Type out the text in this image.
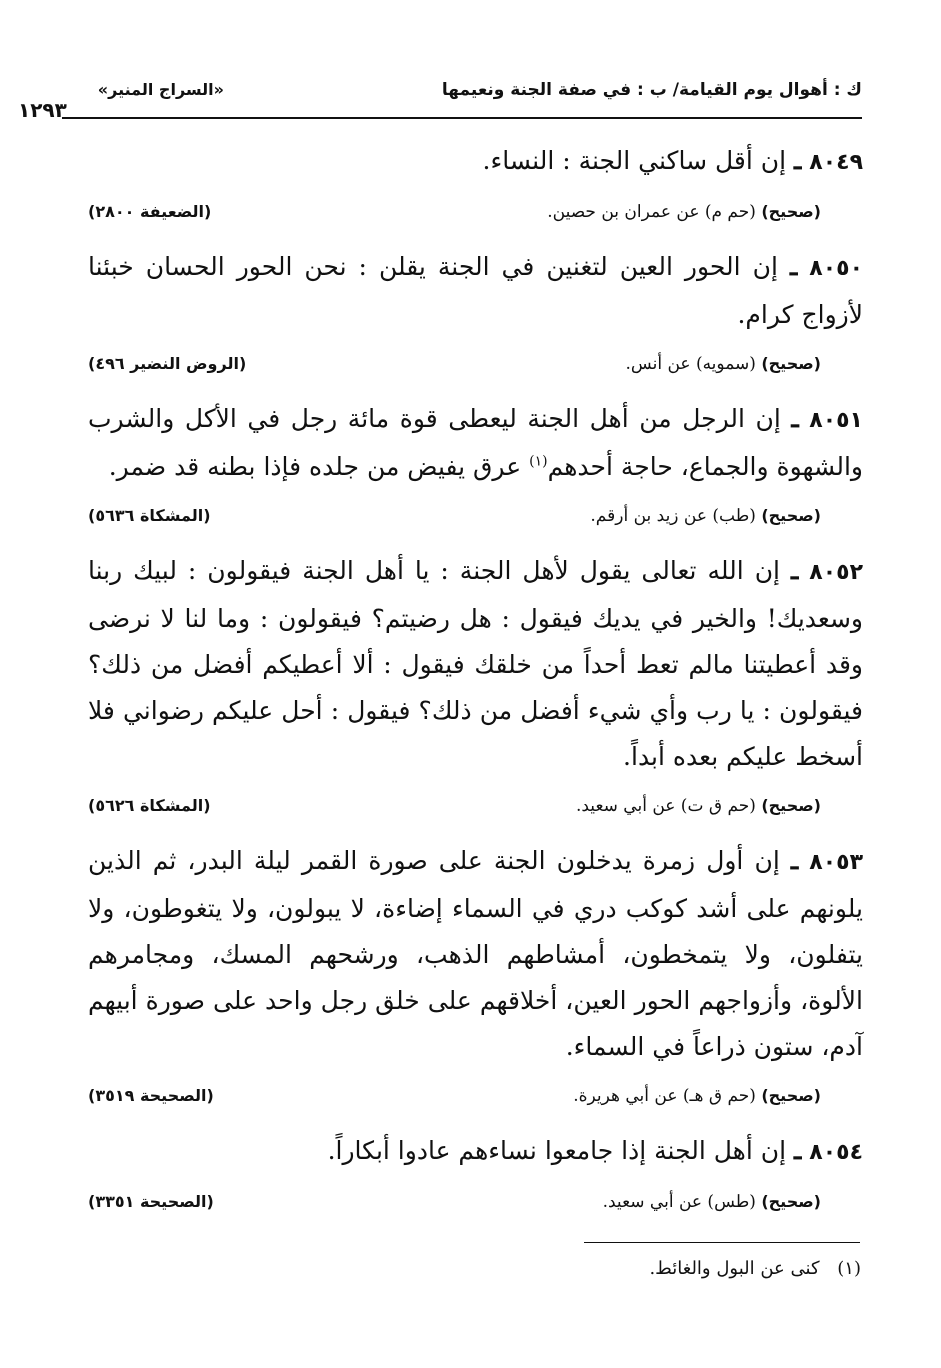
ك : أهوال يوم القيامة/ ب : في صفة الجنة ونعيمها
«السراج المنير»
١٢٩٣

٨٠٤٩ ـ إن أقل ساكني الجنة : النساء.

(صحيح) (حم م) عن عمران بن حصين.
(الضعيفة ٢٨٠٠)

٨٠٥٠ ـ إن الحور العين لتغنين في الجنة يقلن : نحن الحور الحسان خبئنا لأزواج كرام.

(صحيح) (سمويه) عن أنس.
(الروض النضير ٤٩٦)

٨٠٥١ ـ إن الرجل من أهل الجنة ليعطى قوة مائة رجل في الأكل والشرب والشهوة والجماع، حاجة أحدهم$^{(١)}$ عرق يفيض من جلده فإذا بطنه قد ضمر.

(صحيح) (طب) عن زيد بن أرقم.
(المشكاة ٥٦٣٦)

٨٠٥٢ ـ إن الله تعالى يقول لأهل الجنة : يا أهل الجنة فيقولون : لبيك ربنا وسعديك! والخير في يديك فيقول : هل رضيتم؟ فيقولون : وما لنا لا نرضى وقد أعطيتنا مالم تعط أحداً من خلقك فيقول : ألا أعطيكم أفضل من ذلك؟ فيقولون : يا رب وأي شيء أفضل من ذلك؟ فيقول : أحل عليكم رضواني فلا أسخط عليكم بعده أبداً.

(صحيح) (حم ق ت) عن أبي سعيد.
(المشكاة ٥٦٢٦)

٨٠٥٣ ـ إن أول زمرة يدخلون الجنة على صورة القمر ليلة البدر، ثم الذين يلونهم على أشد كوكب دري في السماء إضاءة، لا يبولون، ولا يتغوطون، ولا يتفلون، ولا يتمخطون، أمشاطهم الذهب، ورشحهم المسك، ومجامرهم الألوة، وأزواجهم الحور العين، أخلاقهم على خلق رجل واحد على صورة أبيهم آدم، ستون ذراعاً في السماء.

(صحيح) (حم ق هـ) عن أبي هريرة.
(الصحيحة ٣٥١٩)

٨٠٥٤ ـ إن أهل الجنة إذا جامعوا نساءهم عادوا أبكاراً.

(صحيح) (طس) عن أبي سعيد.
(الصحيحة ٣٣٥١)
(١) كنى عن البول والغائط.
